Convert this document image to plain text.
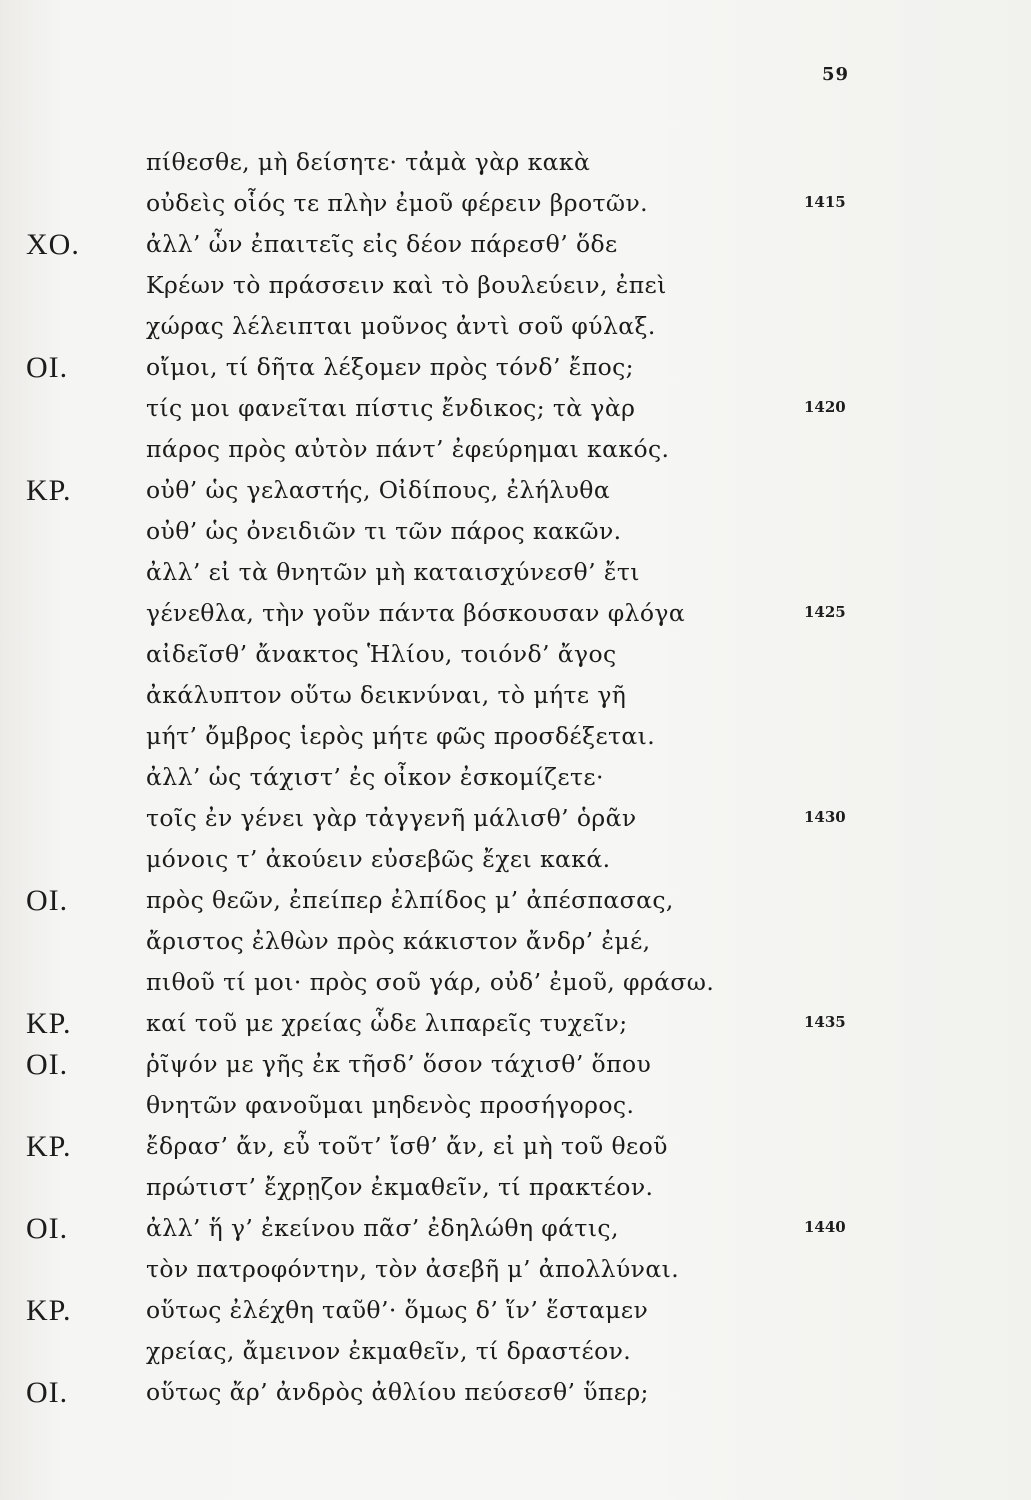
59
πίθεσθε, μὴ δείσητε· τἀμὰ γὰρ κακὰ
οὐδεὶς οἷός τε πλὴν ἐμοῦ φέρειν βροτῶν.	1415
ΧΟ.	ἀλλ’ ὧν ἐπαιτεῖς εἰς δέον πάρεσθ’ ὅδε
Κρέων τὸ πράσσειν καὶ τὸ βουλεύειν, ἐπεὶ
χώρας λέλειπται μοῦνος ἀντὶ σοῦ φύλαξ.
ΟΙ.	οἴμοι, τί δῆτα λέξομεν πρὸς τόνδ’ ἔπος;
τίς μοι φανεῖται πίστις ἔνδικος; τὰ γὰρ	1420
πάρος πρὸς αὐτὸν πάντ’ ἐφεύρημαι κακός.
ΚΡ.	οὐθ’ ὡς γελαστής, Οἰδίπους, ἐλήλυθα
οὐθ’ ὡς ὀνειδιῶν τι τῶν πάρος κακῶν.
ἀλλ’ εἰ τὰ θνητῶν μὴ καταισχύνεσθ’ ἔτι
γένεθλα, τὴν γοῦν πάντα βόσκουσαν φλόγα	1425
αἰδεῖσθ’ ἄνακτος Ἡλίου, τοιόνδ’ ἄγος
ἀκάλυπτον οὕτω δεικνύναι, τὸ μήτε γῆ
μήτ’ ὄμβρος ἱερὸς μήτε φῶς προσδέξεται.
ἀλλ’ ὡς τάχιστ’ ἐς οἶκον ἐσκομίζετε·
τοῖς ἐν γένει γὰρ τἀγγενῆ μάλισθ’ ὁρᾶν	1430
μόνοις τ’ ἀκούειν εὐσεβῶς ἔχει κακά.
ΟΙ.	πρὸς θεῶν, ἐπείπερ ἐλπίδος μ’ ἀπέσπασας,
ἄριστος ἐλθὼν πρὸς κάκιστον ἄνδρ’ ἐμέ,
πιθοῦ τί μοι· πρὸς σοῦ γάρ, οὐδ’ ἐμοῦ, φράσω.
ΚΡ.	καί τοῦ με χρείας ὧδε λιπαρεῖς τυχεῖν;	1435
ΟΙ.	ῥῖψόν με γῆς ἐκ τῆσδ’ ὅσον τάχισθ’ ὅπου
θνητῶν φανοῦμαι μηδενὸς προσήγορος.
ΚΡ.	ἔδρασ’ ἄν, εὖ τοῦτ’ ἴσθ’ ἄν, εἰ μὴ τοῦ θεοῦ
πρώτιστ’ ἔχρῃζον ἐκμαθεῖν, τί πρακτέον.
ΟΙ.	ἀλλ’ ἥ γ’ ἐκείνου πᾶσ’ ἐδηλώθη φάτις,	1440
τὸν πατροφόντην, τὸν ἀσεβῆ μ’ ἀπολλύναι.
ΚΡ.	οὕτως ἐλέχθη ταῦθ’· ὅμως δ’ ἵν’ ἕσταμεν
χρείας, ἄμεινον ἐκμαθεῖν, τί δραστέον.
ΟΙ.	οὕτως ἄρ’ ἀνδρὸς ἀθλίου πεύσεσθ’ ὕπερ;
